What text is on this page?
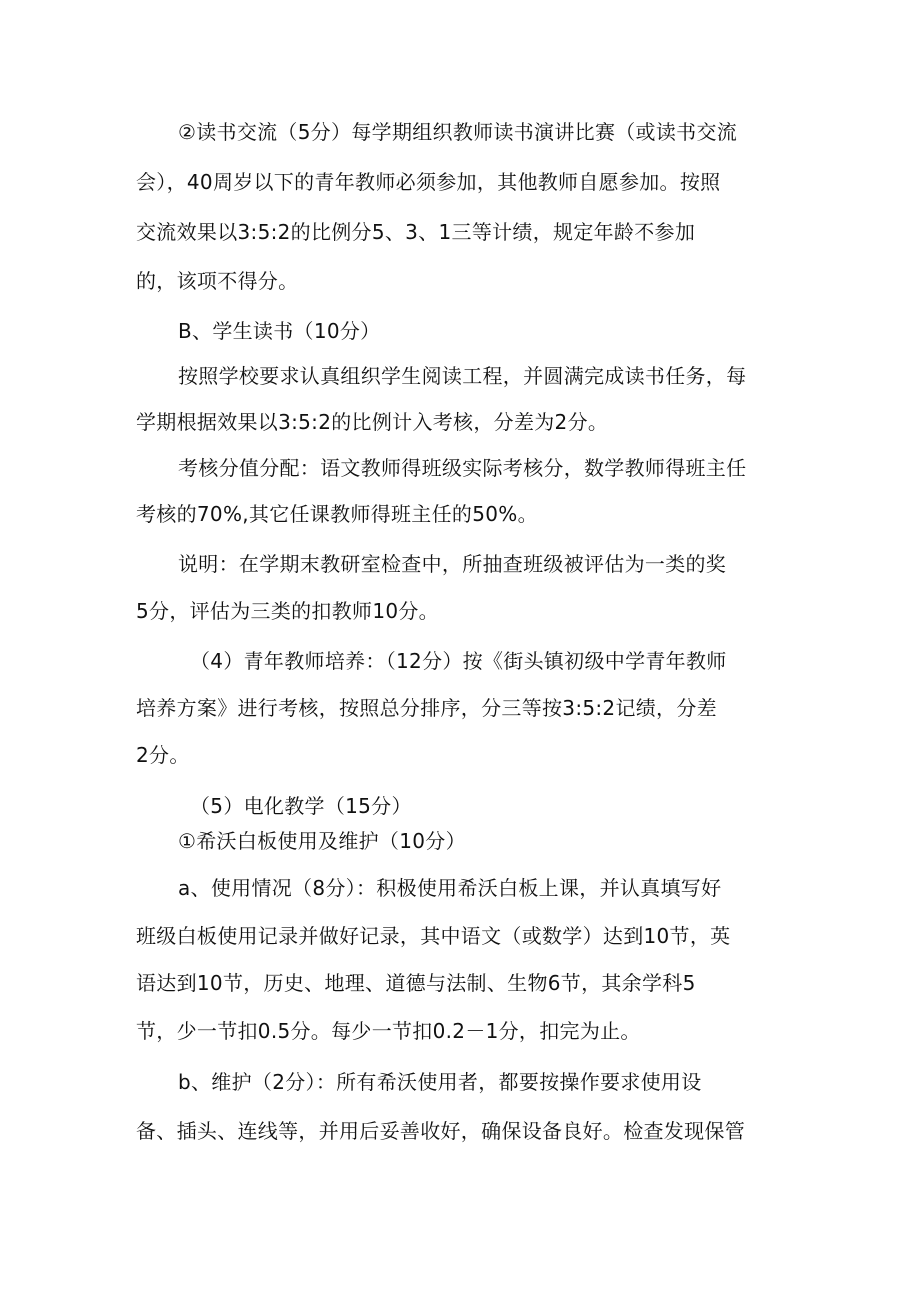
②读书交流（5分）每学期组织教师读书演讲比赛（或读书交流
会），40周岁以下的青年教师必须参加，其他教师自愿参加。按照
交流效果以3:5:2的比例分5、3、1三等计绩，规定年龄不参加
的，该项不得分。
B、学生读书（10分）
按照学校要求认真组织学生阅读工程，并圆满完成读书任务，每
学期根据效果以3:5:2的比例计入考核，分差为2分。
考核分值分配：语文教师得班级实际考核分，数学教师得班主任
考核的70%,其它任课教师得班主任的50%。
说明：在学期末教研室检查中，所抽查班级被评估为一类的奖
5分，评估为三类的扣教师10分。
（4）青年教师培养：（12分）按《街头镇初级中学青年教师
培养方案》进行考核，按照总分排序，分三等按3:5:2记绩，分差
2分。
（5）电化教学（15分）
①希沃白板使用及维护（10分）
a、使用情况（8分）：积极使用希沃白板上课，并认真填写好
班级白板使用记录并做好记录，其中语文（或数学）达到10节，英
语达到10节，历史、地理、道德与法制、生物6节，其余学科5
节，少一节扣0.5分。每少一节扣0.2－1分，扣完为止。
b、维护（2分）：所有希沃使用者，都要按操作要求使用设
备、插头、连线等，并用后妥善收好，确保设备良好。检查发现保管
